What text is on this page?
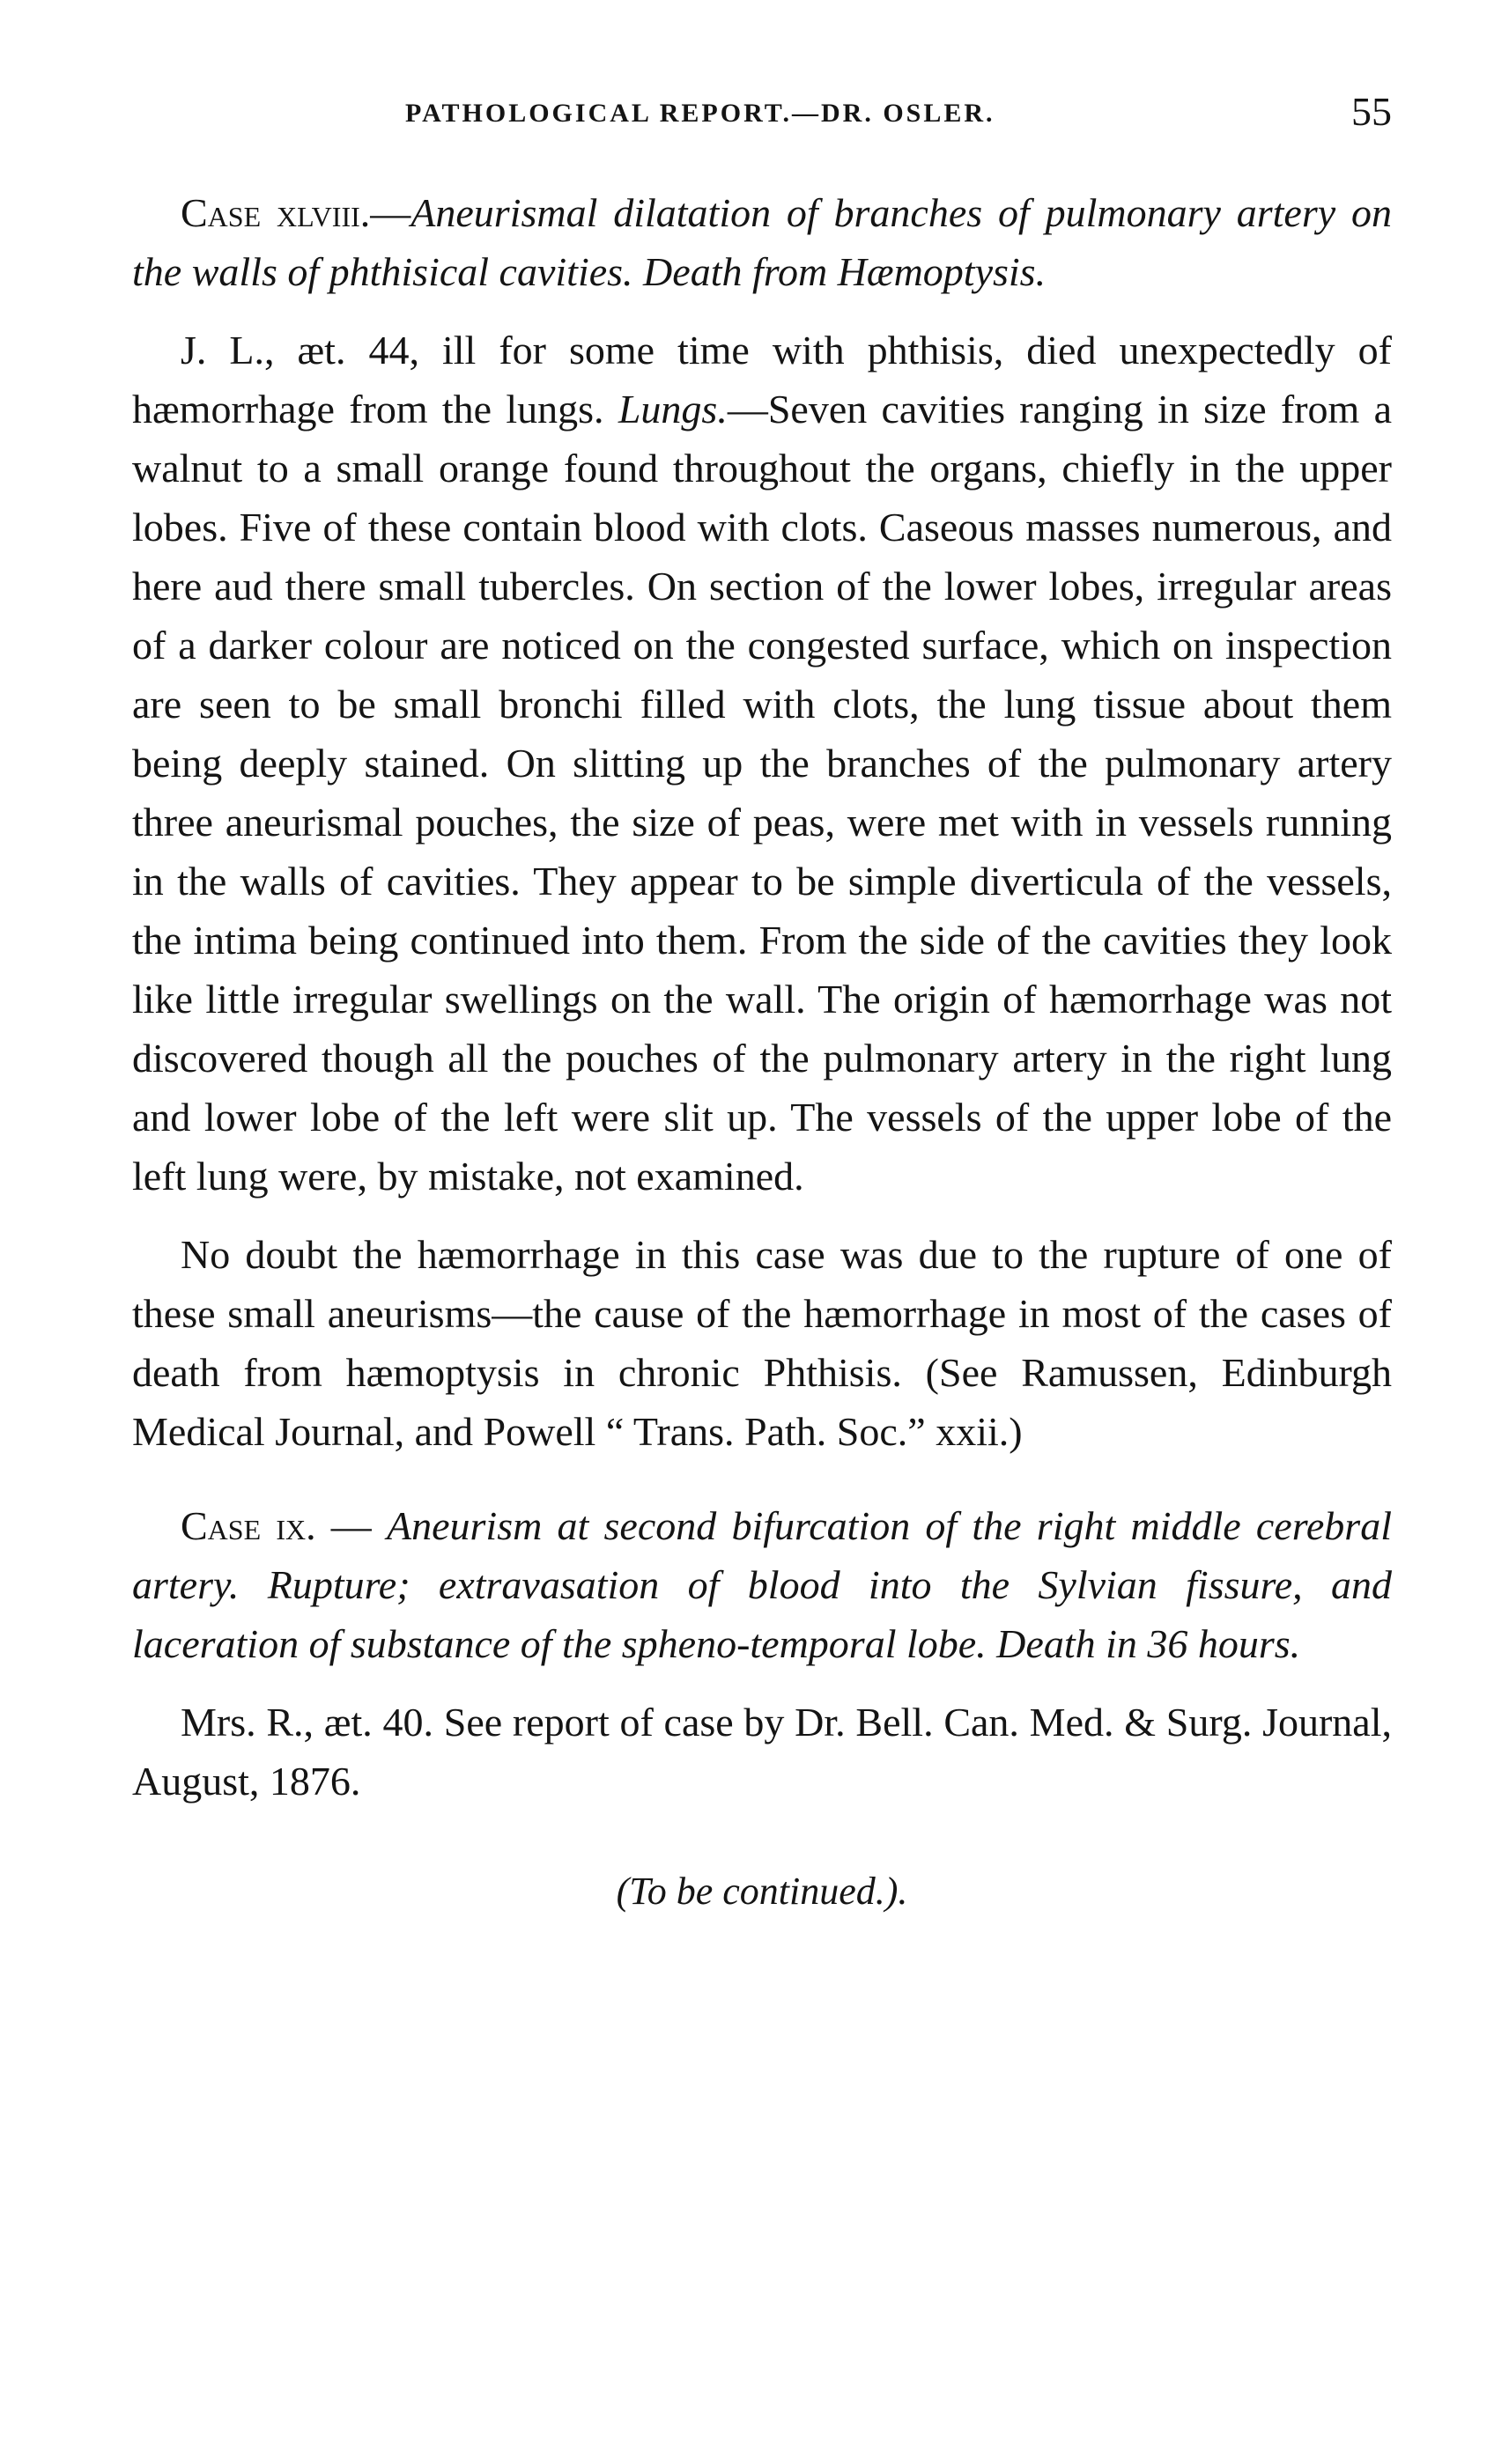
PATHOLOGICAL REPORT.—DR. OSLER.	55

Case xlviii.—Aneurismal dilatation of branches of pulmonary artery on the walls of phthisical cavities. Death from Hæmoptysis.

J. L., æt. 44, ill for some time with phthisis, died unexpectedly of hæmorrhage from the lungs. Lungs.—Seven cavities ranging in size from a walnut to a small orange found throughout the organs, chiefly in the upper lobes. Five of these contain blood with clots. Caseous masses numerous, and here aud there small tubercles. On section of the lower lobes, irregular areas of a darker colour are noticed on the congested surface, which on inspection are seen to be small bronchi filled with clots, the lung tissue about them being deeply stained. On slitting up the branches of the pulmonary artery three aneurismal pouches, the size of peas, were met with in vessels running in the walls of cavities. They appear to be simple diverticula of the vessels, the intima being continued into them. From the side of the cavities they look like little irregular swellings on the wall. The origin of hæmorrhage was not discovered though all the pouches of the pulmonary artery in the right lung and lower lobe of the left were slit up. The vessels of the upper lobe of the left lung were, by mistake, not examined.

No doubt the hæmorrhage in this case was due to the rupture of one of these small aneurisms—the cause of the hæmorrhage in most of the cases of death from hæmoptysis in chronic Phthisis. (See Ramussen, Edinburgh Medical Journal, and Powell “ Trans. Path. Soc.” xxii.)

Case ix. — Aneurism at second bifurcation of the right middle cerebral artery. Rupture; extravasation of blood into the Sylvian fissure, and laceration of substance of the spheno-temporal lobe. Death in 36 hours.

Mrs. R., æt. 40. See report of case by Dr. Bell. Can. Med. & Surg. Journal, August, 1876.

(To be continued.).
